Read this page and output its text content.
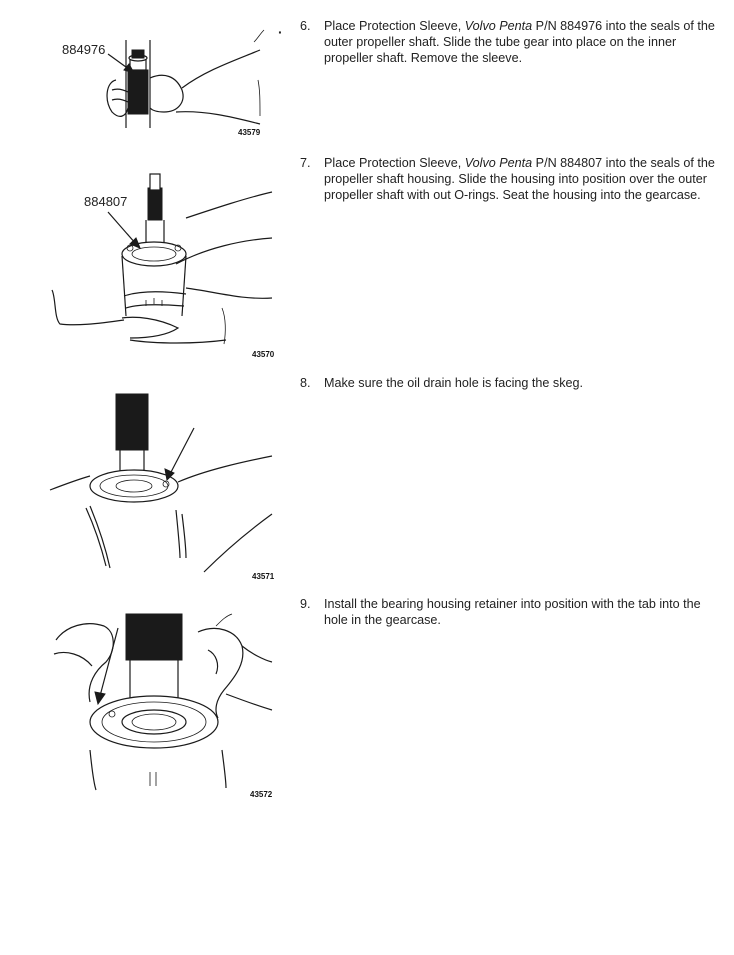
·
884976
43579
6. Place Protection Sleeve, Volvo Penta P/N 884976 into the seals of the outer propeller shaft. Slide the tube gear into place on the inner propeller shaft. Remove the sleeve.
884807
43570
7. Place Protection Sleeve, Volvo Penta P/N 884807 into the seals of the propeller shaft housing. Slide the housing into position over the outer propeller shaft with out O-rings. Seat the housing into the gearcase.
43571
8. Make sure the oil drain hole is facing the skeg.
43572
9. Install the bearing housing retainer into position with the tab into the hole in the gearcase.
